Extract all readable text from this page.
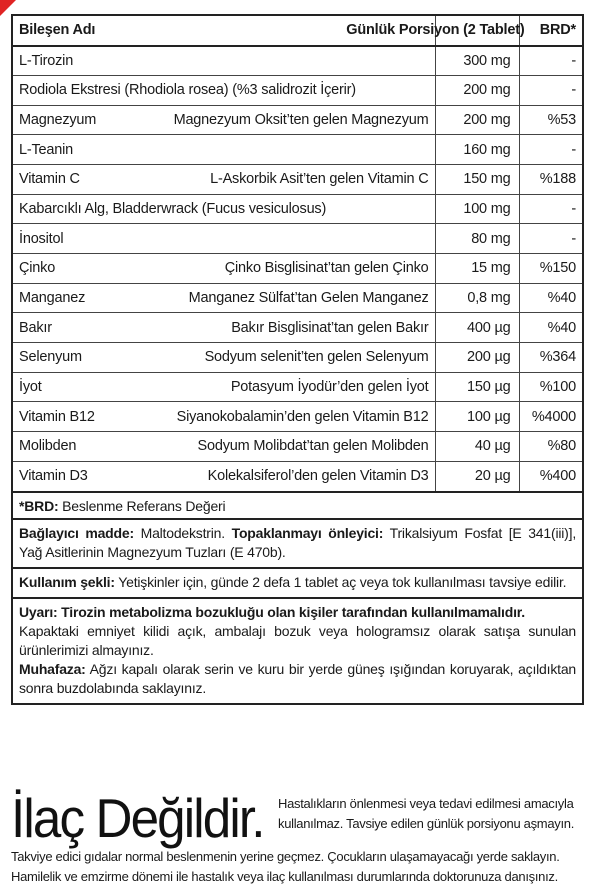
Bileşen Adı Günlük Porsiyon (2 Tablet)		BRD*

L-Tirozin	300 mg	-

Rodiola Ekstresi (Rhodiola rosea) (%3 salidrozit İçerir)	200 mg	-

Magnezyum Magnezyum Oksit’ten gelen Magnezyum	200 mg	%53

L-Teanin	160 mg	-

Vitamin C L-Askorbik Asit’ten gelen Vitamin C	150 mg	%188

Kabarcıklı Alg, Bladderwrack (Fucus vesiculosus)	100 mg	-

İnositol	80 mg	-

Çinko Çinko Bisglisinat’tan gelen Çinko	15 mg	%150

Manganez Manganez Sülfat’tan Gelen Manganez	0,8 mg	%40

Bakır Bakır Bisglisinat’tan gelen Bakır	400 µg	%40

Selenyum Sodyum selenit’ten gelen Selenyum	200 µg	%364

İyot Potasyum İyodür’den gelen İyot	150 µg	%100

Vitamin B12 Siyanokobalamin’den gelen Vitamin B12	100 µg	%4000

Molibden Sodyum Molibdat’tan gelen Molibden	40 µg	%80

Vitamin D3 Kolekalsiferol’den gelen Vitamin D3	20 µg	%400
*BRD: Beslenme Referans Değeri
Bağlayıcı madde: Maltodekstrin. Topaklanmayı önleyici: Trikalsiyum Fosfat [E 341(iii)], Yağ Asitlerinin Magnezyum Tuzları (E 470b).
Kullanım şekli: Yetişkinler için, günde 2 defa 1 tablet aç veya tok kullanılması tavsiye edilir.
Uyarı: Tirozin metabolizma bozukluğu olan kişiler tarafından kullanılmamalıdır.
Kapaktaki emniyet kilidi açık, ambalajı bozuk veya hologramsız olarak satışa sunulan ürünlerimizi almayınız.
Muhafaza: Ağzı kapalı olarak serin ve kuru bir yerde güneş ışığından koruyarak, açıldıktan sonra buzdolabında saklayınız.
İlaç Değildir. Hastalıkların önlenmesi veya tedavi edilmesi amacıyla kullanılmaz. Tavsiye edilen günlük porsiyonu aşmayın.
Takviye edici gıdalar normal beslenmenin yerine geçmez. Çocukların ulaşamayacağı yerde saklayın. Hamilelik ve emzirme dönemi ile hastalık veya ilaç kullanılması durumlarında doktorunuza danışınız.
